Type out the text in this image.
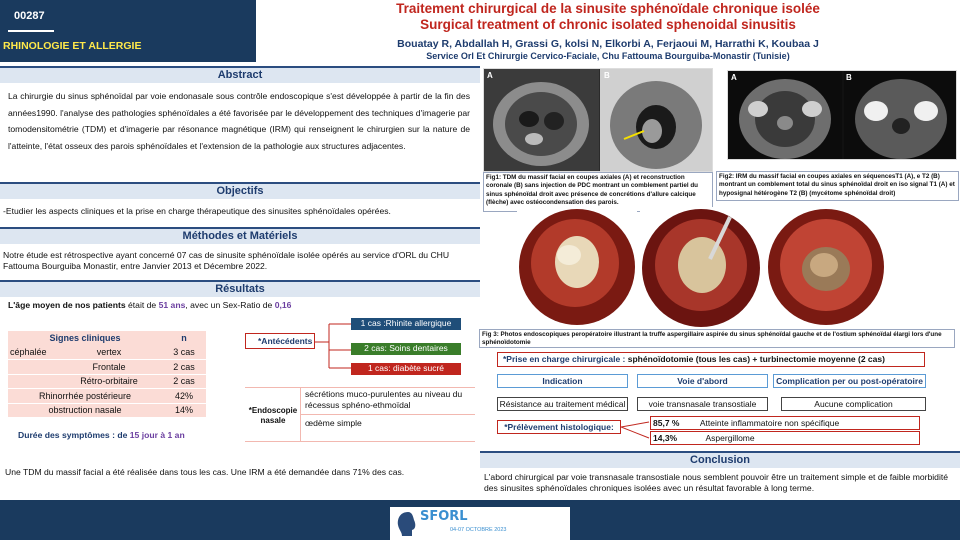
00287
RHINOLOGIE ET ALLERGIE
Traitement chirurgical de la sinusite sphénoïdale chronique isolée
Surgical treatment of chronic isolated sphenoidal sinusitis
Bouatay R, Abdallah H, Grassi G, kolsi N, Elkorbi A, Ferjaoui M, Harrathi K, Koubaa J
Service Orl Et Chirurgie Cervico-Faciale, Chu Fattouma Bourguiba-Monastir (Tunisie)
Abstract
La chirurgie du sinus sphénoïdal par voie endonasale sous contrôle endoscopique s'est développée à partir de la fin des années1990. l'analyse des pathologies sphénoïdales a été favorisée par le développement des techniques d'imagerie par tomodensitométrie (TDM) et d'imagerie par résonance magnétique (IRM) qui renseignent le chirurgien sur la nature de l'atteinte, l'état osseux des parois sphénoïdales et l'extension de la pathologie aux structures adjacentes.
Objectifs
-Etudier les aspects cliniques et la prise en charge thérapeutique des sinusites sphénoïdales opérées.
Méthodes et Matériels
Notre étude est rétrospective ayant concerné 07 cas de sinusite sphénoïdale isolée opérés au service d'ORL du CHU Fattouma Bourguiba Monastir, entre Janvier 2013 et Décembre 2022.
Résultats
L'âge moyen de nos patients était de 51 ans, avec un Sex-Ratio de 0,16
Signes cliniques		n
céphalée	vertex	3 cas
	Frontale	2 cas
	Rétro-orbitaire	2 cas
Rhinorrhée postérieure		42%
obstruction nasale		14%
Durée des symptômes : de 15 jour à 1 an
*Antécédents
1 cas :Rhinite allergique
2 cas: Soins dentaires
1 cas: diabète sucré
*Endoscopie nasale
sécrétions muco-purulentes au niveau du récessus sphéno-ethmoïdal
œdème simple
Une TDM du massif facial a été réalisée dans tous les cas. Une IRM a été demandée dans 71% des cas.
A	B
Fig1: TDM du massif facial en coupes axiales (A) et reconstruction coronale (B) sans injection de PDC montrant un comblement partiel du sinus sphénoïdal droit avec présence de concrétions d'allure calcique (flèche) avec ostéocondensation des parois.
A	B
Fig2: IRM du massif facial en coupes axiales en séquencesT1 (A), e T2 (B) montrant un comblement total du sinus sphénoïdal droit en iso signal T1 (A) et hyposignal hétérogène T2 (B) (mycétome sphénoïdal droit)
Fig 3: Photos endoscopiques peropératoire illustrant la truffe aspergillaire aspirée du sinus sphénoïdal gauche et de l'ostium sphénoïdal élargi lors d'une sphénoïdotomie
*Prise en charge chirurgicale : sphénoïdotomie (tous les cas) + turbinectomie moyenne (2 cas)
Indication	Voie d'abord	Complication per ou post-opératoire
Résistance au traitement médical	voie transnasale transostiale	Aucune complication
*Prélèvement histologique:	85,7 % Atteinte inflammatoire non spécifique
14,3%	Aspergillome
Conclusion
L'abord chirurgical par voie transnasale transostiale nous semblent pouvoir être un traitement simple et de faible morbidité des sinusites sphénoïdales chroniques isolées avec un résultat favorable à long terme.
SFORL
04-07 OCTOBRE 2023
